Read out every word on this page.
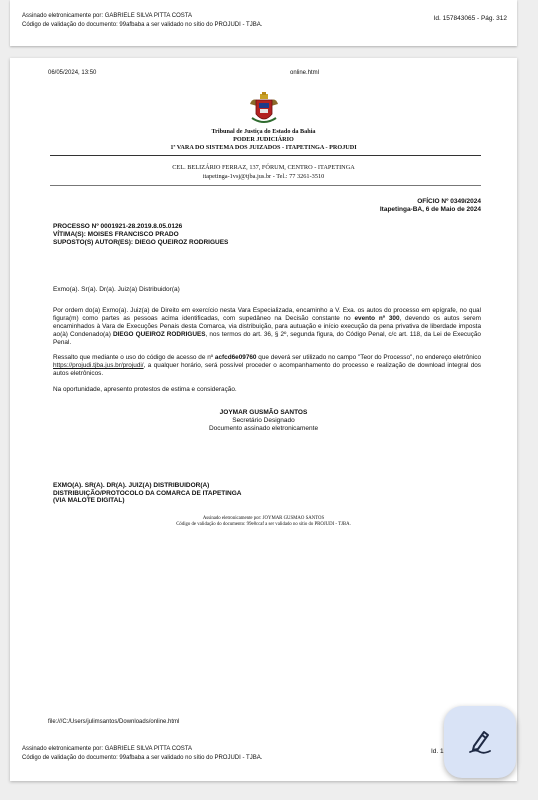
Assinado eletronicamente por: GABRIELE SILVA PITTA COSTA
Código de validação do documento: 99afbaba a ser validado no sítio do PROJUDI - TJBA.
Id. 157843065 - Pág. 312
06/05/2024, 13:50	online.html
Tribunal de Justiça do Estado da Bahia
PODER JUDICIÁRIO
1ª VARA DO SISTEMA DOS JUIZADOS - ITAPETINGA - PROJUDI
CEL. BELIZÁRIO FERRAZ, 137, FÓRUM, CENTRO - ITAPETINGA
itapetinga-1vsj@tjba.jus.br - Tel.: 77 3261-3510
OFÍCIO Nº 0349/2024
Itapetinga-BA, 6 de Maio de 2024
PROCESSO Nº 0001921-28.2019.8.05.0126
VÍTIMA(S): MOISES FRANCISCO PRADO
SUPOSTO(S) AUTOR(ES): DIEGO QUEIROZ RODRIGUES
Exmo(a). Sr(a). Dr(a). Juiz(a) Distribuidor(a)
Por ordem do(a) Exmo(a). Juiz(a) de Direito em exercício nesta Vara Especializada, encaminho a V. Exa. os autos do processo em epígrafe, no qual figura(m) como partes as pessoas acima identificadas, com supedâneo na Decisão constante no evento nº 300, devendo os autos serem encaminhados à Vara de Execuções Penais desta Comarca, via distribuição, para autuação e início execução da pena privativa de liberdade imposta ao(à) Condenado(a) DIEGO QUEIROZ RODRIGUES, nos termos do art. 36, § 2º, segunda figura, do Código Penal, c/c art. 118, da Lei de Execução Penal.
Ressalto que mediante o uso do código de acesso de nº acfcd6e09760 que deverá ser utilizado no campo "Teor do Processo", no endereço eletrônico https://projudi.tjba.jus.br/projudi/, a qualquer horário, será possível proceder o acompanhamento do processo e realização de download integral dos autos eletrônicos.
Na oportunidade, apresento protestos de estima e consideração.
JOYMAR GUSMÃO SANTOS
Secretário Designado
Documento assinado eletronicamente
EXMO(A). SR(A). DR(A). JUIZ(A) DISTRIBUIDOR(A)
DISTRIBUIÇÃO/PROTOCOLO DA COMARCA DE ITAPETINGA
(VIA MALOTE DIGITAL)
Assinado eletronicamente por: JOYMAR GUSMAO SANTOS
Código de validação do documento: 99e8ccaf a ser validado no sítio do PROJUDI - TJBA.
file:///C:/Users/julimsantos/Downloads/online.html
Assinado eletronicamente por: GABRIELE SILVA PITTA COSTA
Código de validação do documento: 99afbaba a ser validado no sítio do PROJUDI - TJBA.
Id. 1
